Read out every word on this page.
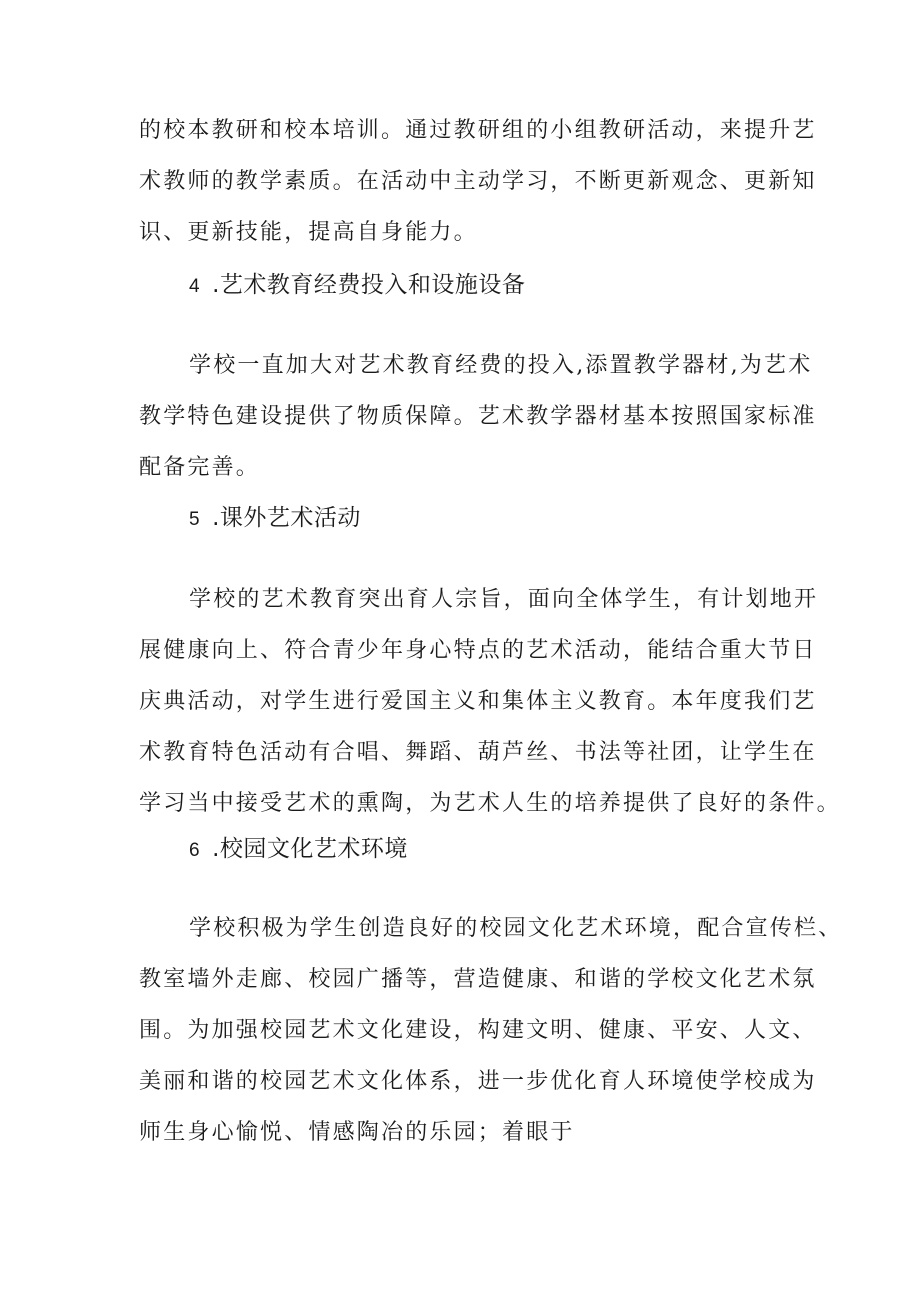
的校本教研和校本培训。通过教研组的小组教研活动，来提升艺
术教师的教学素质。在活动中主动学习，不断更新观念、更新知
识、更新技能，提高自身能力。
4 .艺术教育经费投入和设施设备
学校一直加大对艺术教育经费的投入,添置教学器材,为艺术
教学特色建设提供了物质保障。艺术教学器材基本按照国家标准
配备完善。
5 .课外艺术活动
学校的艺术教育突出育人宗旨，面向全体学生，有计划地开
展健康向上、符合青少年身心特点的艺术活动，能结合重大节日
庆典活动，对学生进行爱国主义和集体主义教育。本年度我们艺
术教育特色活动有合唱、舞蹈、葫芦丝、书法等社团，让学生在
学习当中接受艺术的熏陶，为艺术人生的培养提供了良好的条件。
6 .校园文化艺术环境
学校积极为学生创造良好的校园文化艺术环境，配合宣传栏、
教室墙外走廊、校园广播等，营造健康、和谐的学校文化艺术氛
围。为加强校园艺术文化建设，构建文明、健康、平安、人文、
美丽和谐的校园艺术文化体系，进一步优化育人环境使学校成为
师生身心愉悦、情感陶冶的乐园；着眼于
